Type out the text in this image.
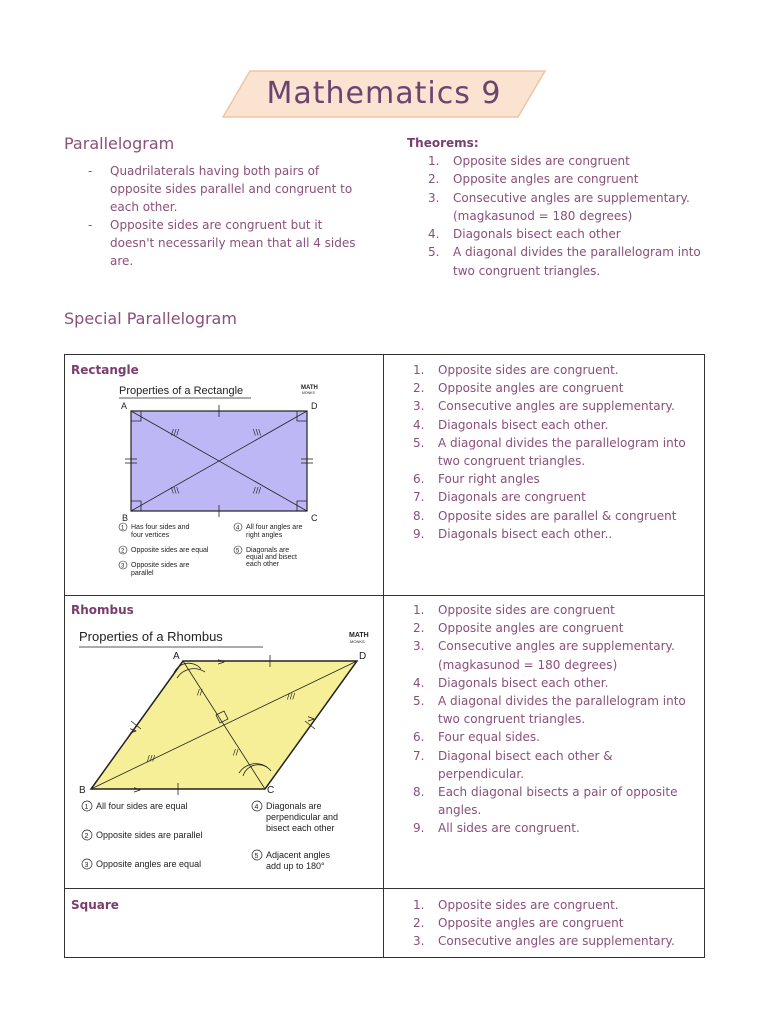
Mathematics 9
Parallelogram
- Quadrilaterals having both pairs of opposite sides parallel and congruent to each other.
- Opposite sides are congruent but it doesn't necessarily mean that all 4 sides are.
Theorems:
1. Opposite sides are congruent
2. Opposite angles are congruent
3. Consecutive angles are supplementary. (magkasunod = 180 degrees)
4. Diagonals bisect each other
5. A diagonal divides the parallelogram into two congruent triangles.
Special Parallelogram
Rectangle
Properties of a Rectangle	MATH
MONKS
///	\\\
\\\	///
A	D
B	C
1 Has four sides and
four vertices
4 All four angles are
right angles
2 Opposite sides are equal	5 Diagonals are
equal and bisect
each other
3 Opposite sides are
parallel
1. Opposite sides are congruent.
2. Opposite angles are congruent
3. Consecutive angles are supplementary.
4. Diagonals bisect each other.
5. A diagonal divides the parallelogram into two congruent triangles.
6. Four right angles
7. Diagonals are congruent
8. Opposite sides are parallel & congruent
9. Diagonals bisect each other..
Rhombus
Properties of a Rhombus	MATH
MONKS
>
>
>
>
//
//
///
///
A	D
B	C
1 All four sides are equal	4 Diagonals are
perpendicular and
bisect each other
2 Opposite sides are parallel
5 Adjacent angles
add up to 180°
3 Opposite angles are equal
1. Opposite sides are congruent
2. Opposite angles are congruent
3. Consecutive angles are supplementary. (magkasunod = 180 degrees)
4. Diagonals bisect each other.
5. A diagonal divides the parallelogram into two congruent triangles.
6. Four equal sides.
7. Diagonal bisect each other & perpendicular.
8. Each diagonal bisects a pair of opposite angles.
9. All sides are congruent.
Square	1. Opposite sides are congruent.
2. Opposite angles are congruent
3. Consecutive angles are supplementary.
